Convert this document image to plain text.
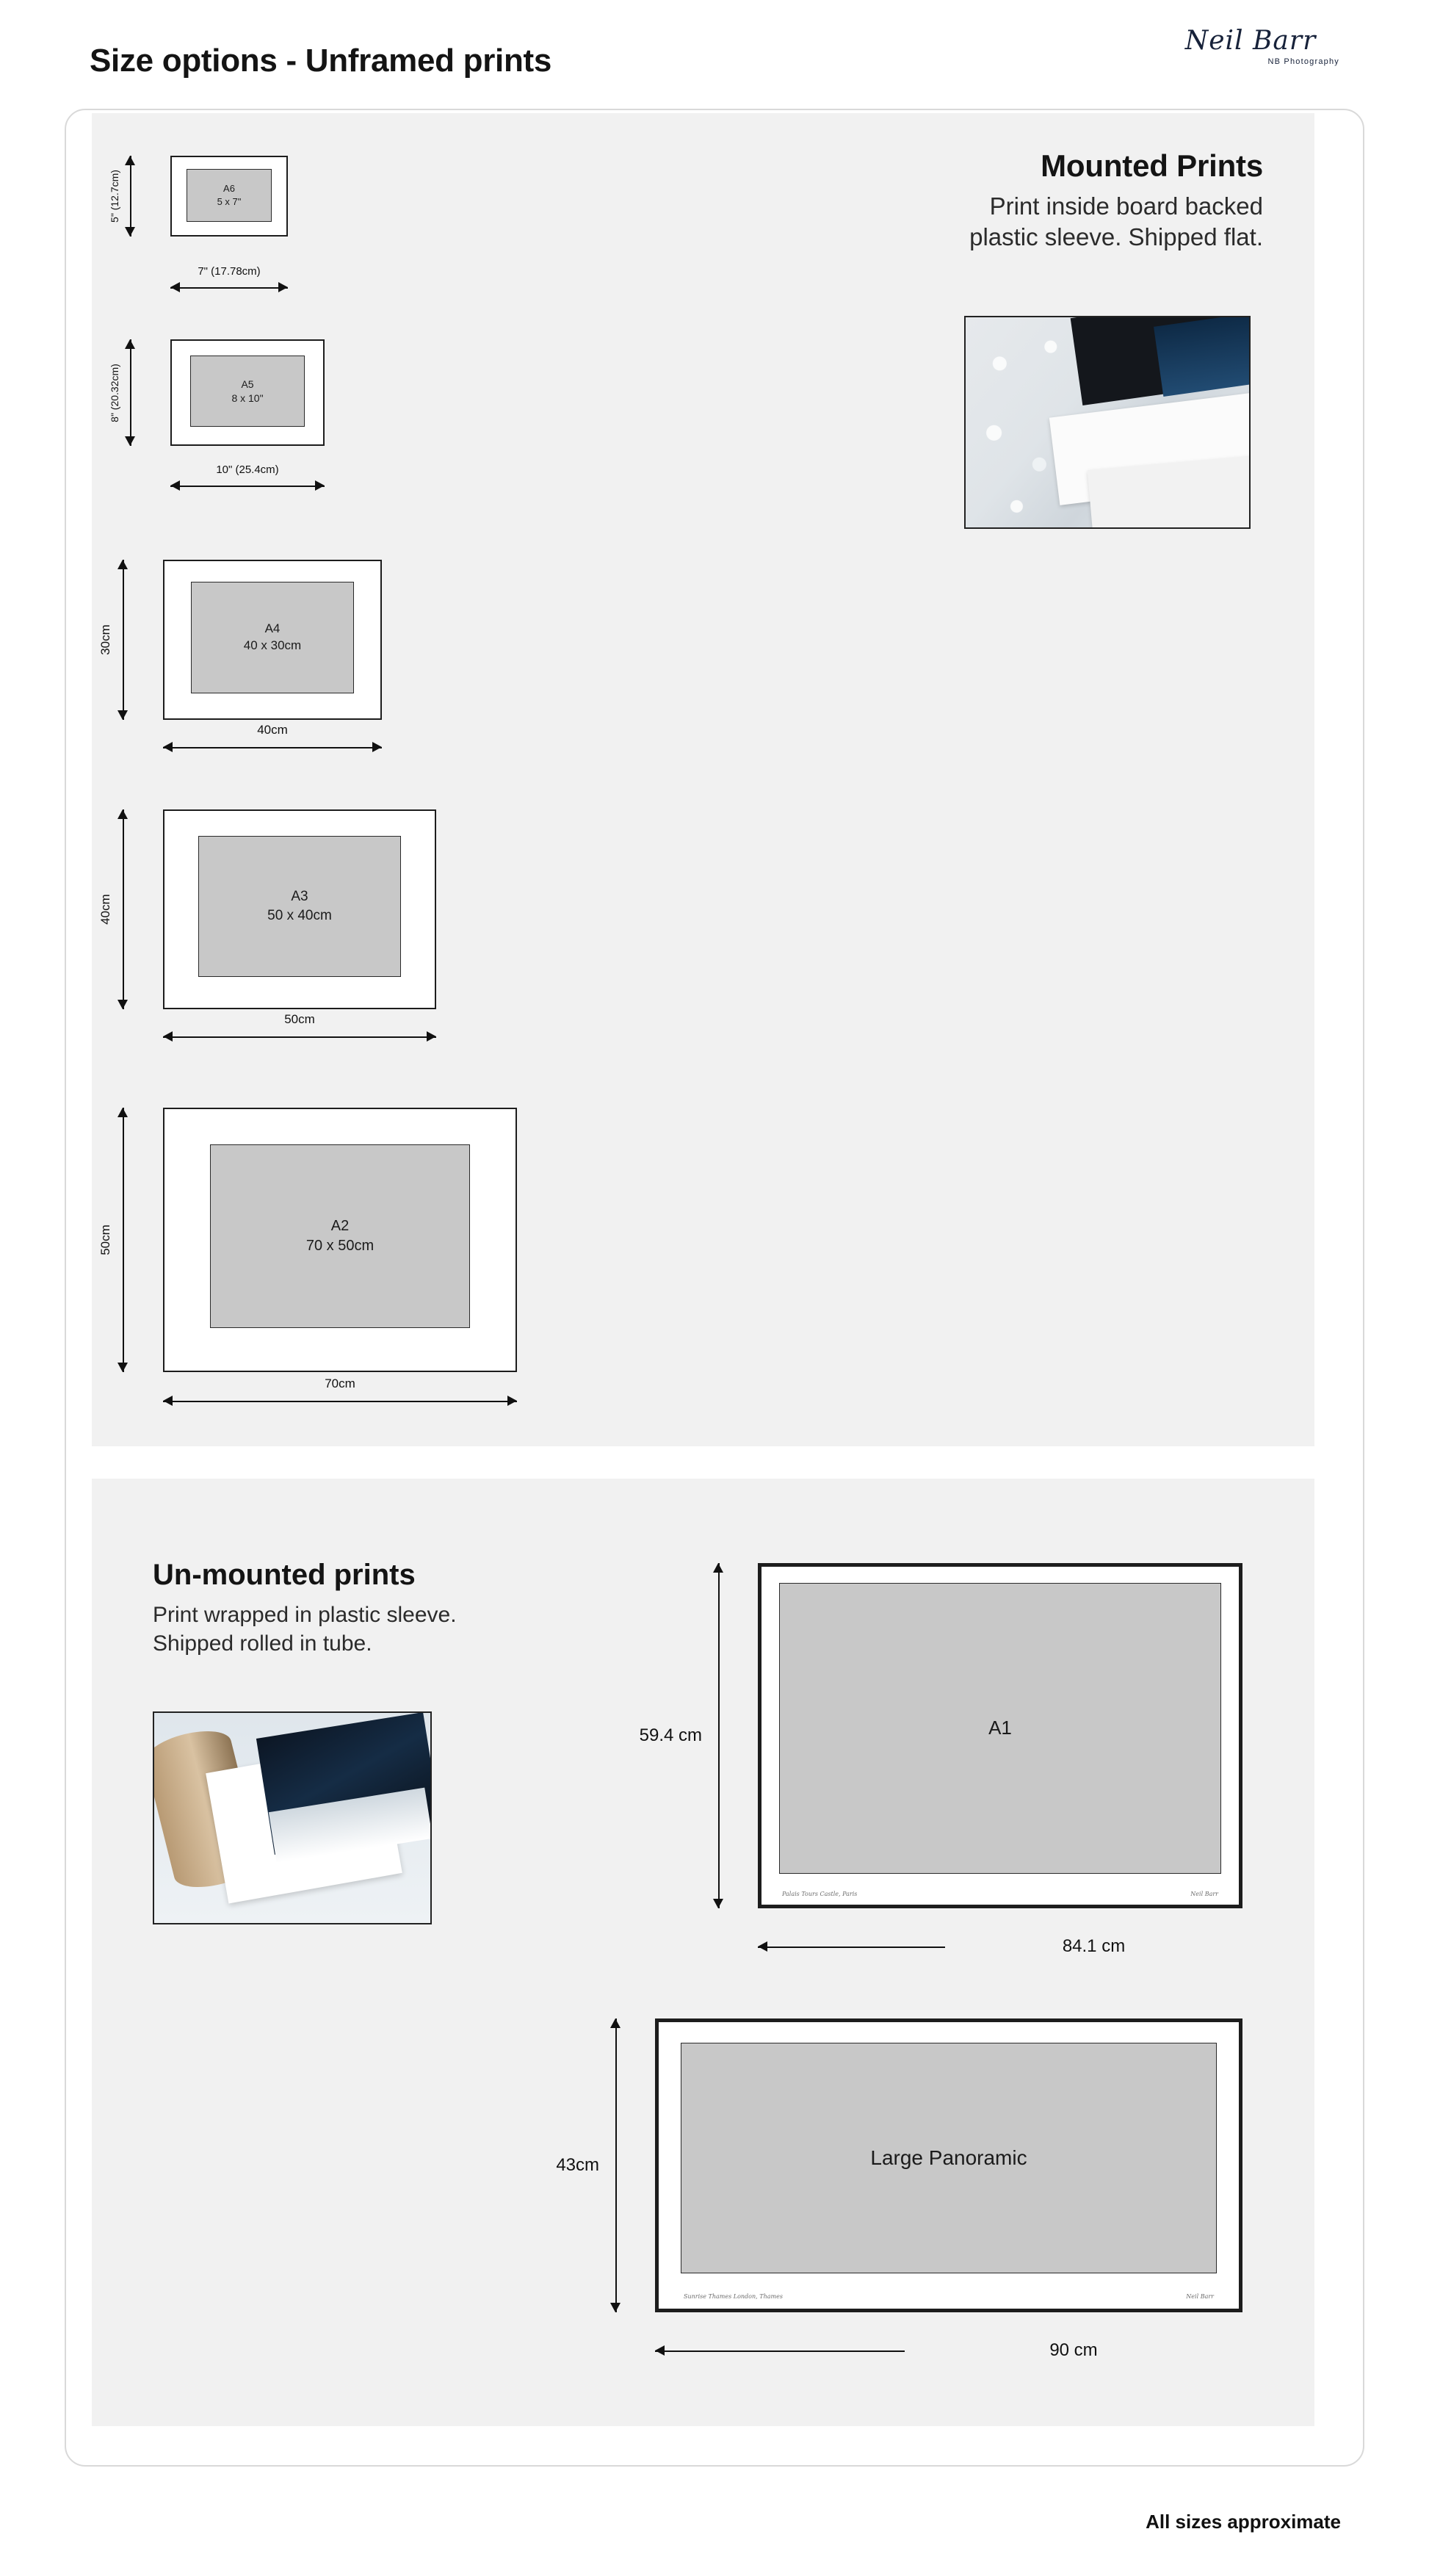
Size options - Unframed prints
Neil Barr
NB Photography
Mounted Prints

Print inside board backed
plastic sleeve. Shipped flat.

A6
5 x 7"
7" (17.78cm)
5" (12.7cm)
A5
8 x 10"
10" (25.4cm)
8" (20.32cm)
A4
40 x 30cm
40cm
30cm
A3
50 x 40cm
50cm
40cm
A2
70 x 50cm
70cm
50cm
Un-mounted prints

Print wrapped in plastic sleeve.
Shipped rolled in tube.

A1
Palais Tours Castle, Paris	Neil Barr
84.1 cm
59.4 cm
Large Panoramic
Sunrise Thames London, Thames	Neil Barr
90 cm
43cm
All sizes approximate
